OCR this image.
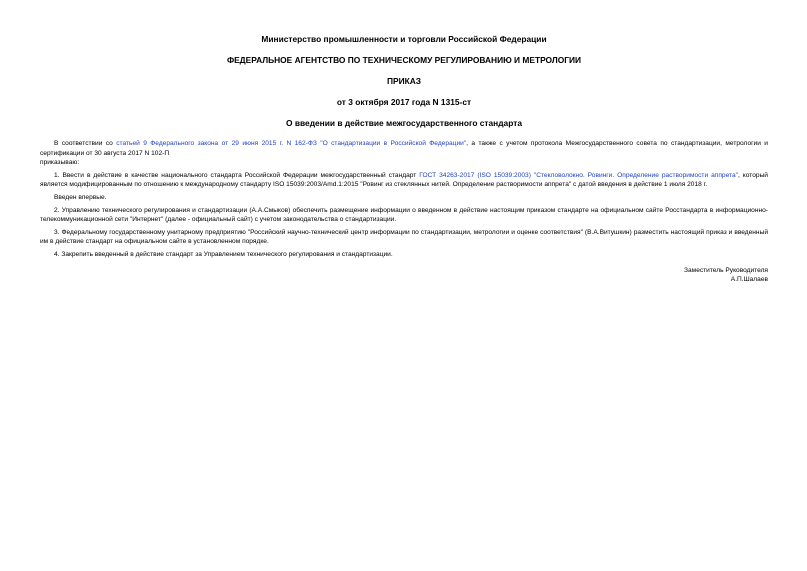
Министерство промышленности и торговли Российской Федерации
ФЕДЕРАЛЬНОЕ АГЕНТСТВО ПО ТЕХНИЧЕСКОМУ РЕГУЛИРОВАНИЮ И МЕТРОЛОГИИ
ПРИКАЗ
от 3 октября 2017 года N 1315-ст
О введении в действие межгосударственного стандарта

В соответствии со статьей 9 Федерального закона от 29 июня 2015 г. N 162-ФЗ "О стандартизации в Российской Федерации", а также с учетом протокола Межгосударственного совета по стандартизации, метрологии и сертификации от 30 августа 2017 N 102-П

приказываю:

1. Ввести в действие в качестве национального стандарта Российской Федерации межгосударственный стандарт ГОСТ 34263-2017 (ISO 15039:2003) "Стекловолокно. Ровинги. Определение растворимости аппрета", который является модифицированным по отношению к международному стандарту ISO 15039:2003/Amd.1:2015 "Ровинг из стеклянных нитей. Определение растворимости аппрета" с датой введения в действие 1 июля 2018 г.

Введен впервые.

2. Управлению технического регулирования и стандартизации (А.А.Смыков) обеспечить размещение информации о введенном в действие настоящим приказом стандарте на официальном сайте Росстандарта в информационно-телекоммуникационной сети "Интернет" (далее - официальный сайт) с учетом законодательства о стандартизации.

3. Федеральному государственному унитарному предприятию "Российский научно-технический центр информации по стандартизации, метрологии и оценке соответствия" (В.А.Витушкин) разместить настоящий приказ и введенный им в действие стандарт на официальном сайте в установленном порядке.

4. Закрепить введенный в действие стандарт за Управлением технического регулирования и стандартизации.

Заместитель Руководителя
А.П.Шалаев
